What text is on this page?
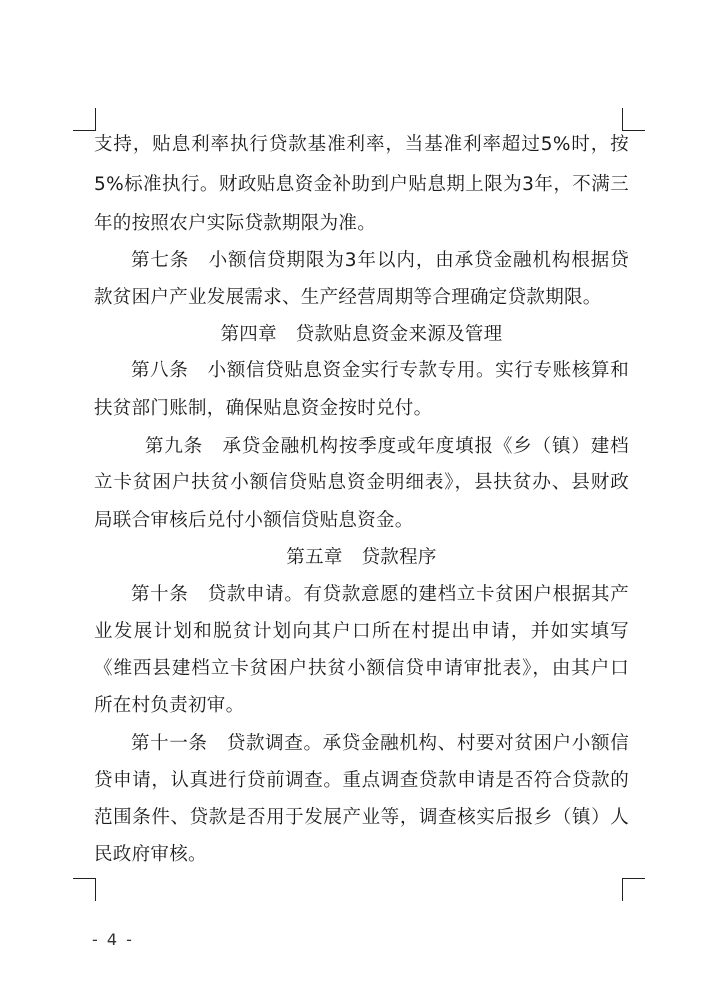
支持，贴息利率执行贷款基准利率，当基准利率超过5%时，按
5%标准执行。财政贴息资金补助到户贴息期上限为3年，不满三
年的按照农户实际贷款期限为准。
第七条　小额信贷期限为3年以内，由承贷金融机构根据贷
款贫困户产业发展需求、生产经营周期等合理确定贷款期限。
第四章　贷款贴息资金来源及管理
第八条　小额信贷贴息资金实行专款专用。实行专账核算和
扶贫部门账制，确保贴息资金按时兑付。
第九条　承贷金融机构按季度或年度填报《乡（镇）建档
立卡贫困户扶贫小额信贷贴息资金明细表》，县扶贫办、县财政
局联合审核后兑付小额信贷贴息资金。
第五章　贷款程序
第十条　贷款申请。有贷款意愿的建档立卡贫困户根据其产
业发展计划和脱贫计划向其户口所在村提出申请，并如实填写
《维西县建档立卡贫困户扶贫小额信贷申请审批表》，由其户口
所在村负责初审。
第十一条　贷款调查。承贷金融机构、村要对贫困户小额信
贷申请，认真进行贷前调查。重点调查贷款申请是否符合贷款的
范围条件、贷款是否用于发展产业等，调查核实后报乡（镇）人
民政府审核。
- 4 -
